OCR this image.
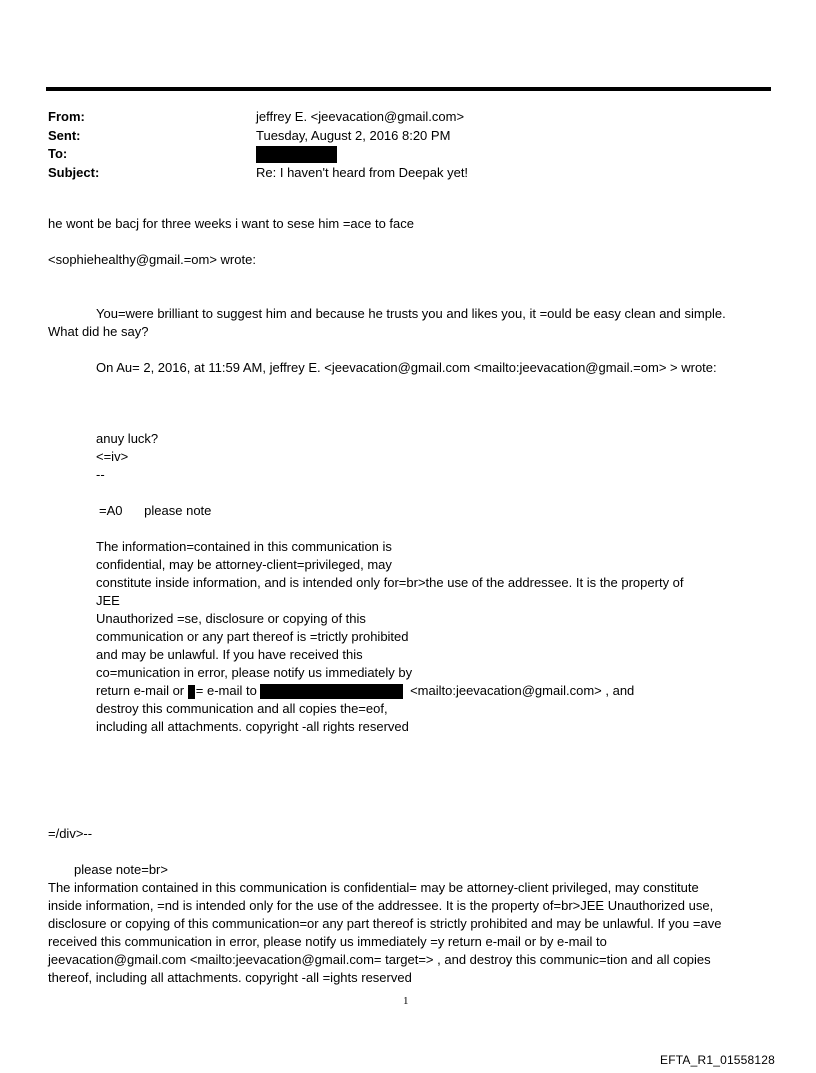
From:	jeffrey E. <jeevacation@gmail.com>
Sent:	Tuesday, August 2, 2016 8:20 PM
To:
Subject:	Re: I haven't heard from Deepak yet!
he wont be bacj for three weeks i want to sese him =ace to face
<sophiehealthy@gmail.=om> wrote:
You=were brilliant to suggest him and because he trusts you and likes you, it =ould be easy clean and simple.
What did he say?
On Au= 2, 2016, at 11:59 AM, jeffrey E. <jeevacation@gmail.com <mailto:jeevacation@gmail.=om> > wrote:
anuy luck?
<=iv>
--
=A0      please note
The information=contained in this communication is
confidential, may be attorney-client=privileged, may
constitute inside information, and is intended only for=br>the use of the addressee. It is the property of
JEE
Unauthorized =se, disclosure or copying of this
communication or any part thereof is =trictly prohibited
and may be unlawful. If you have received this
co=munication in error, please notify us immediately by
return e-mail or = e-mail to	<mailto:jeevacation@gmail.com> , and
destroy this communication and all copies the=eof,
including all attachments. copyright -all rights reserved
=/div>--
please note=br>
The information contained in this communication is confidential= may be attorney-client privileged, may constitute
inside information, =nd is intended only for the use of the addressee. It is the property of=br>JEE Unauthorized use,
disclosure or copying of this communication=or any part thereof is strictly prohibited and may be unlawful. If you =ave
received this communication in error, please notify us immediately =y return e-mail or by e-mail to
jeevacation@gmail.com <mailto:jeevacation@gmail.com= target=> , and destroy this communic=tion and all copies
thereof, including all attachments. copyright -all =ights reserved
1
EFTA_R1_01558128
